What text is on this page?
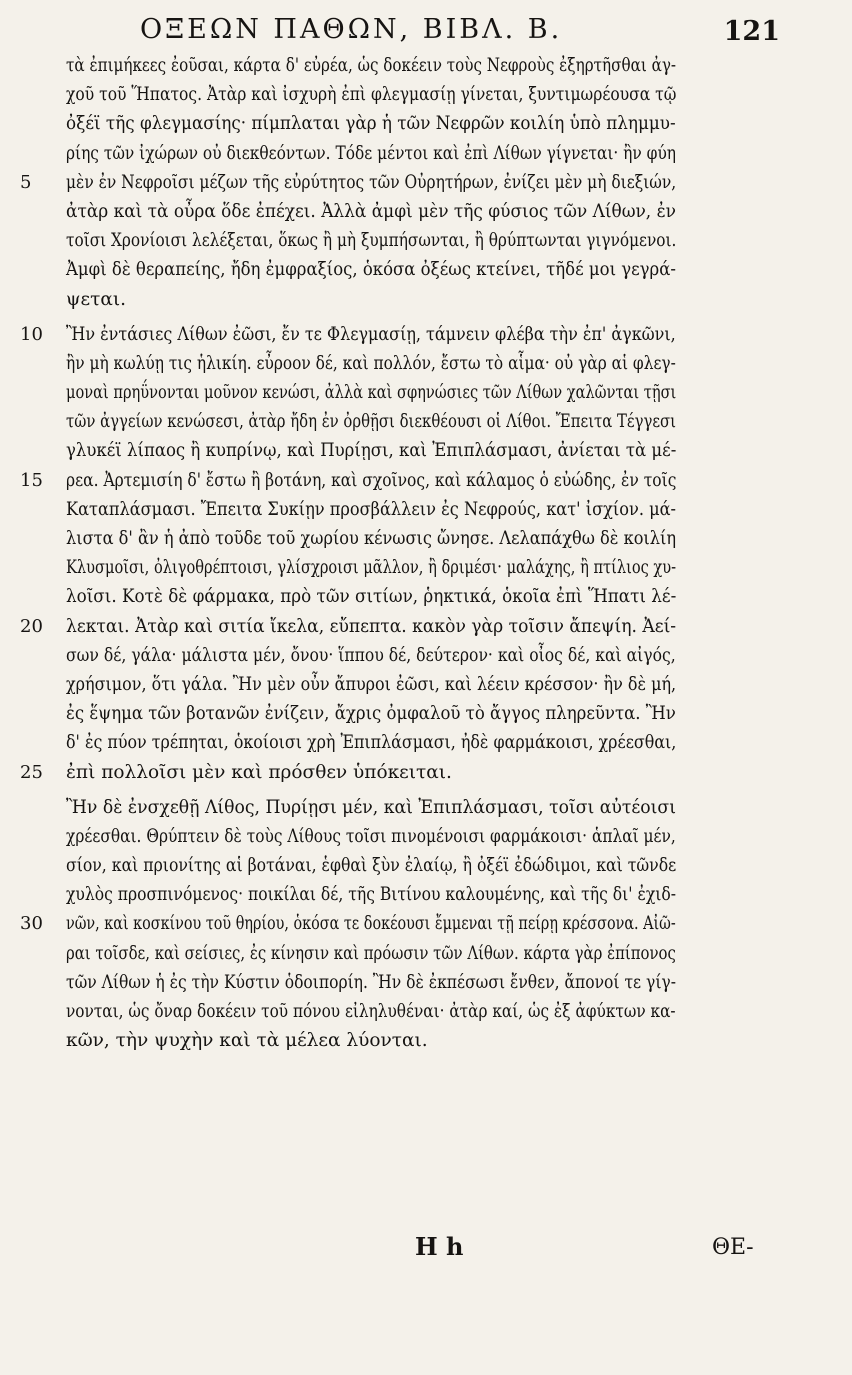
ΟΞΕΩΝ ΠΑΘΩΝ, ΒΙΒΛ. Β.	121
τὰ ἐπιμήκεες ἐοῦσαι, κάρτα δ' εὐρέα, ὡς δοκέειν τοὺς Νεφροὺς ἐξηρτῆσθαι ἀγ-
χοῦ τοῦ Ἥπατος. Ἀτὰρ καὶ ἰσχυρὴ ἐπὶ φλεγμασίῃ γίνεται, ξυντιμωρέουσα τῷ
ὀξέϊ τῆς φλεγμασίης· πίμπλαται γὰρ ἡ τῶν Νεφρῶν κοιλίη ὑπὸ πλημμυ-
ρίης τῶν ἰχώρων οὐ διεκθεόντων. Τόδε μέντοι καὶ ἐπὶ Λίθων γίγνεται· ἢν φύη
5	μὲν ἐν Νεφροῖσι μέζων τῆς εὐρύτητος τῶν Οὐρητήρων, ἐνίζει μὲν μὴ διεξιών,
ἀτὰρ καὶ τὰ οὖρα ὅδε ἐπέχει. Ἀλλὰ ἀμφὶ μὲν τῆς φύσιος τῶν Λίθων, ἐν
τοῖσι Χρονίοισι λελέξεται, ὅκως ἢ μὴ ξυμπήσωνται, ἢ θρύπτωνται γιγνόμενοι.
Ἀμφὶ δὲ θεραπείης, ἤδη ἐμφραξίος, ὁκόσα ὀξέως κτείνει, τῆδέ μοι γεγρά-
ψεται.
10	Ἢν ἐντάσιες Λίθων ἐῶσι, ἔν τε Φλεγμασίῃ, τάμνειν φλέβα τὴν ἐπ' ἀγκῶνι,
ἢν μὴ κωλύῃ τις ἡλικίη. εὖροον δέ, καὶ πολλόν, ἔστω τὸ αἷμα· οὐ γὰρ αἱ φλεγ-
μοναὶ πρηΰνονται μοῦνον κενώσι, ἀλλὰ καὶ σφηνώσιες τῶν Λίθων χαλῶνται τῇσι
τῶν ἀγγείων κενώσεσι, ἀτὰρ ἤδη ἐν ὀρθῇσι διεκθέουσι οἱ Λίθοι. Ἔπειτα Τέγγεσι
γλυκέϊ λίπαος ἢ κυπρίνῳ, καὶ Πυρίῃσι, καὶ Ἐπιπλάσμασι, ἀνίεται τὰ μέ-
15	ρεα. Ἀρτεμισίη δ' ἔστω ἢ βοτάνη, καὶ σχοῖνος, καὶ κάλαμος ὁ εὐώδης, ἐν τοῖς
Καταπλάσμασι. Ἔπειτα Συκίῃν προσβάλλειν ἐς Νεφρούς, κατ' ἰσχίον. μά-
λιστα δ' ἂν ἡ ἀπὸ τοῦδε τοῦ χωρίου κένωσις ὤνησε. Λελαπάχθω δὲ κοιλίη
Κλυσμοῖσι, ὀλιγοθρέπτοισι, γλίσχροισι μᾶλλον, ἢ δριμέσι· μαλάχης, ἢ πτίλιος χυ-
λοῖσι. Κοτὲ δὲ φάρμακα, πρὸ τῶν σιτίων, ῥηκτικά, ὁκοῖα ἐπὶ Ἥπατι λέ-
20	λεκται. Ἀτὰρ καὶ σιτία ἴκελα, εὔπεπτα. κακὸν γὰρ τοῖσιν ἄπεψίη. Ἀεί-
σων δέ, γάλα· μάλιστα μέν, ὄνου· ἵππου δέ, δεύτερον· καὶ οἶος δέ, καὶ αἰγός,
χρήσιμον, ὅτι γάλα. Ἢν μὲν οὖν ἄπυροι ἐῶσι, καὶ λέειν κρέσσον· ἢν δὲ μή,
ἐς ἕψημα τῶν βοτανῶν ἐνίζειν, ἄχρις ὀμφαλοῦ τὸ ἄγγος πληρεῦντα. Ἢν
δ' ἐς πύον τρέπηται, ὁκοίοισι χρὴ Ἐπιπλάσμασι, ἠδὲ φαρμάκοισι, χρέεσθαι,
25	ἐπὶ πολλοῖσι μὲν καὶ πρόσθεν ὑπόκειται.
Ἢν δὲ ἐνσχεθῇ Λίθος, Πυρίῃσι μέν, καὶ Ἐπιπλάσμασι, τοῖσι αὐτέοισι
χρέεσθαι. Θρύπτειν δὲ τοὺς Λίθους τοῖσι πινομένοισι φαρμάκοισι· ἁπλαῖ μέν,
σίον, καὶ πριονίτης αἱ βοτάναι, ἑφθαὶ ξὺν ἐλαίῳ, ἢ ὀξέϊ ἐδώδιμοι, καὶ τῶνδε
χυλὸς προσπινόμενος· ποικίλαι δέ, τῆς Βιτίνου καλουμένης, καὶ τῆς δι' ἐχιδ-
30	νῶν, καὶ κοσκίνου τοῦ θηρίου, ὁκόσα τε δοκέουσι ἔμμεναι τῇ πείρῃ κρέσσονα. Αἰῶ-
ραι τοῖσδε, καὶ σείσιες, ἐς κίνησιν καὶ πρόωσιν τῶν Λίθων. κάρτα γὰρ ἐπίπονος
τῶν Λίθων ἡ ἐς τὴν Κύστιν ὁδοιπορίη. Ἢν δὲ ἐκπέσωσι ἔνθεν, ἄπονοί τε γίγ-
νονται, ὡς ὄναρ δοκέειν τοῦ πόνου εἰληλυθέναι· ἀτὰρ καί, ὡς ἐξ ἀφύκτων κα-
κῶν, τὴν ψυχὴν καὶ τὰ μέλεα λύονται.
H h	ΘΕ-
